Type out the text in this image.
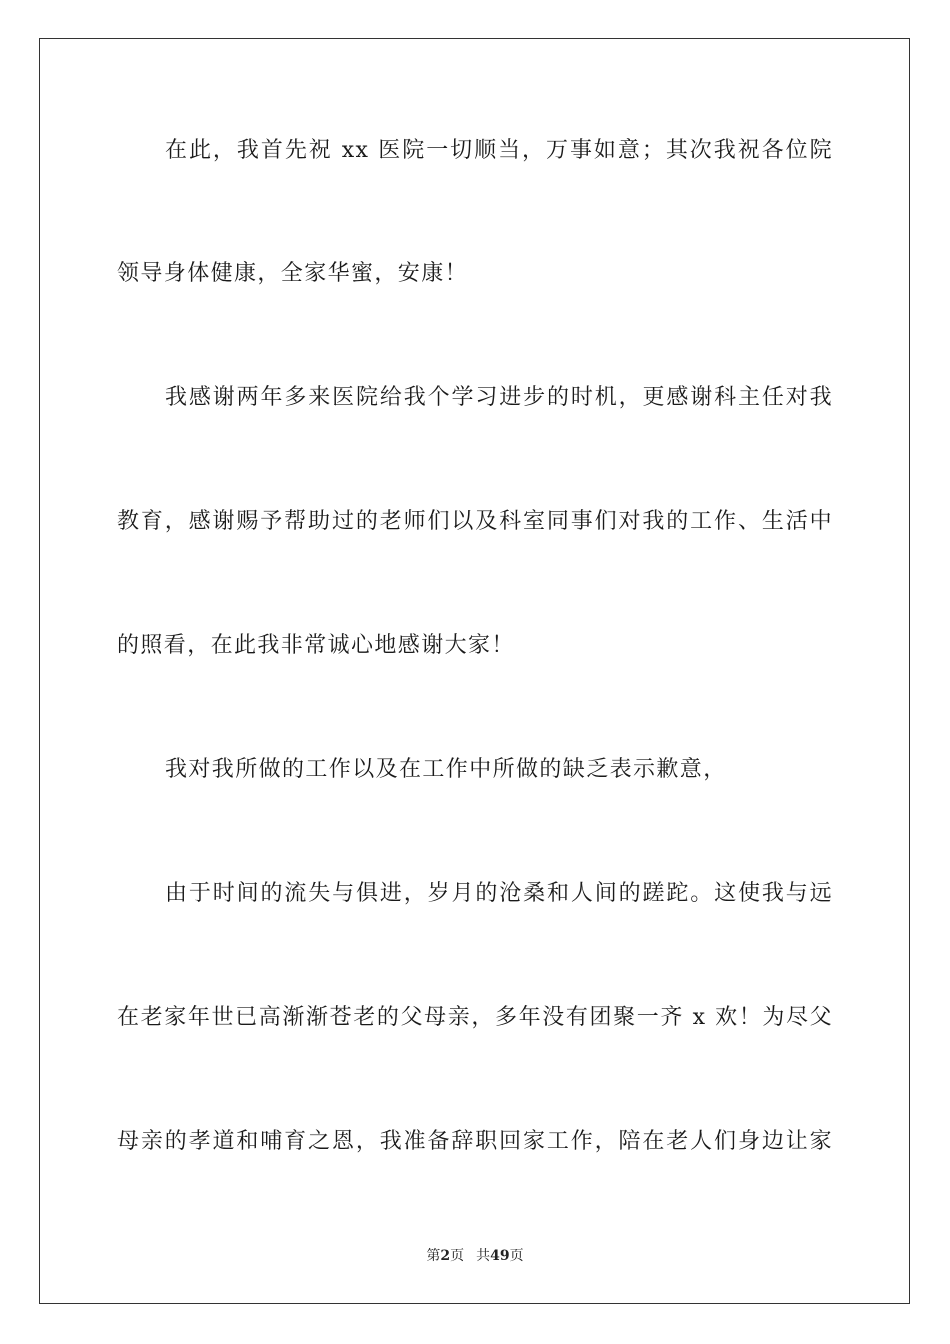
在此，我首先祝 xx 医院一切顺当，万事如意；其次我祝各位院
领导身体健康，全家华蜜，安康！
我感谢两年多来医院给我个学习进步的时机，更感谢科主任对我
教育，感谢赐予帮助过的老师们以及科室同事们对我的工作、生活中
的照看，在此我非常诚心地感谢大家！
我对我所做的工作以及在工作中所做的缺乏表示歉意，
由于时间的流失与俱进，岁月的沧桑和人间的蹉跎。这使我与远
在老家年世已高渐渐苍老的父母亲，多年没有团聚一齐 x 欢！为尽父
母亲的孝道和哺育之恩，我准备辞职回家工作，陪在老人们身边让家
第2页 共49页
